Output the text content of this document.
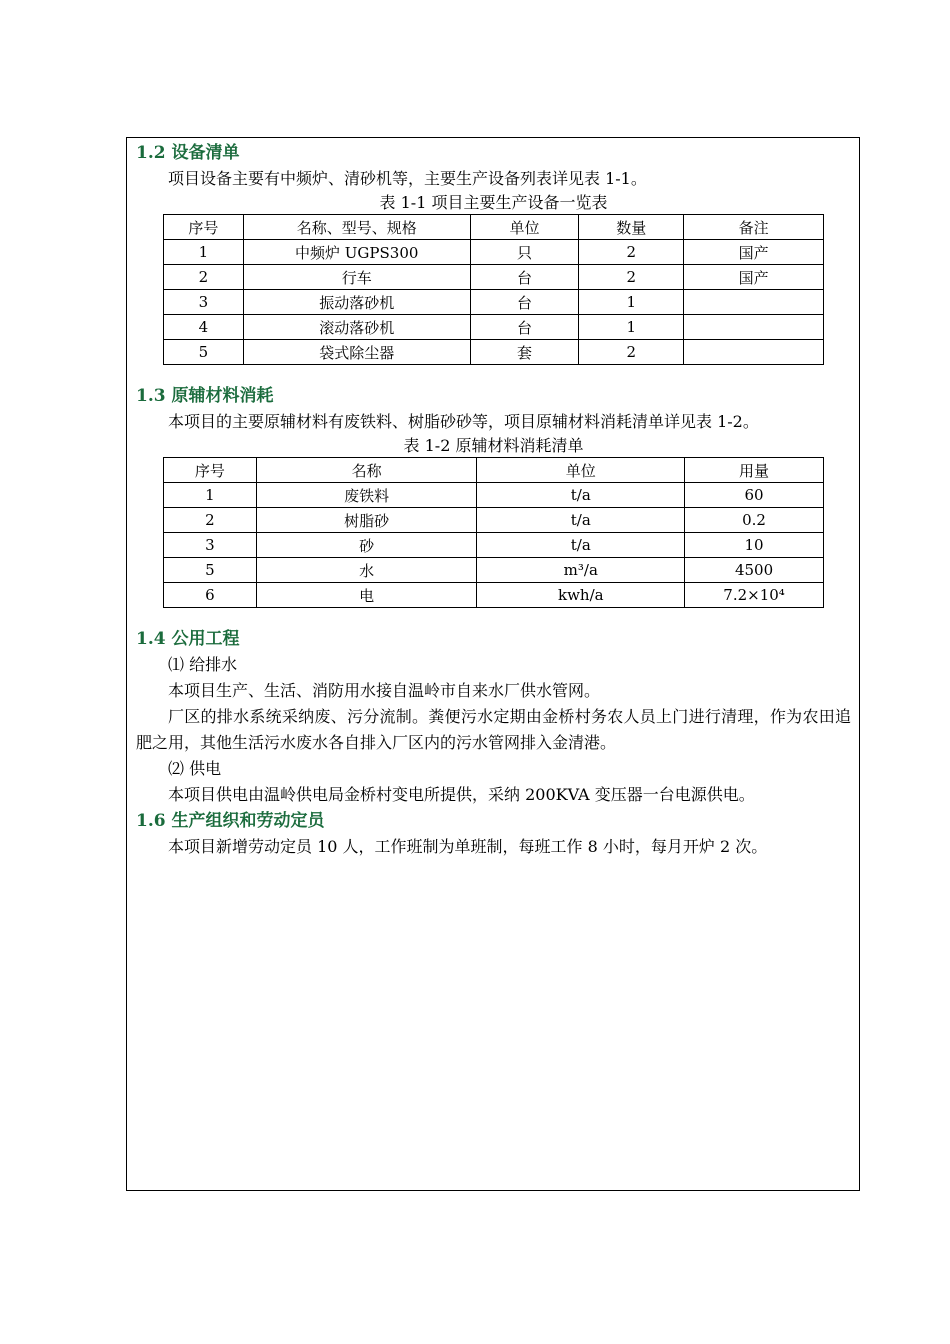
1.2 设备清单

项目设备主要有中频炉、清砂机等，主要生产设备列表详见表 1-1。

表 1-1 项目主要生产设备一览表
序号	名称、型号、规格	单位	数量	备注
1	中频炉 UGPS300	只	2	国产
2	行车	台	2	国产
3	振动落砂机	台	1	
4	滚动落砂机	台	1	
5	袋式除尘器	套	2	
1.3 原辅材料消耗

本项目的主要原辅材料有废铁料、树脂砂砂等，项目原辅材料消耗清单详见表 1-2。

表 1-2 原辅材料消耗清单
序号	名称	单位	用量
1	废铁料	t/a	60
2	树脂砂	t/a	0.2
3	砂	t/a	10
5	水	m³/a	4500
6	电	kwh/a	7.2×10⁴
1.4 公用工程

⑴ 给排水

本项目生产、生活、消防用水接自温岭市自来水厂供水管网。

厂区的排水系统采纳废、污分流制。粪便污水定期由金桥村务农人员上门进行清理，作为农田追肥之用，其他生活污水废水各自排入厂区内的污水管网排入金清港。

⑵ 供电

本项目供电由温岭供电局金桥村变电所提供，采纳 200KVA 变压器一台电源供电。

1.6 生产组织和劳动定员

本项目新增劳动定员 10 人，工作班制为单班制，每班工作 8 小时，每月开炉 2 次。
